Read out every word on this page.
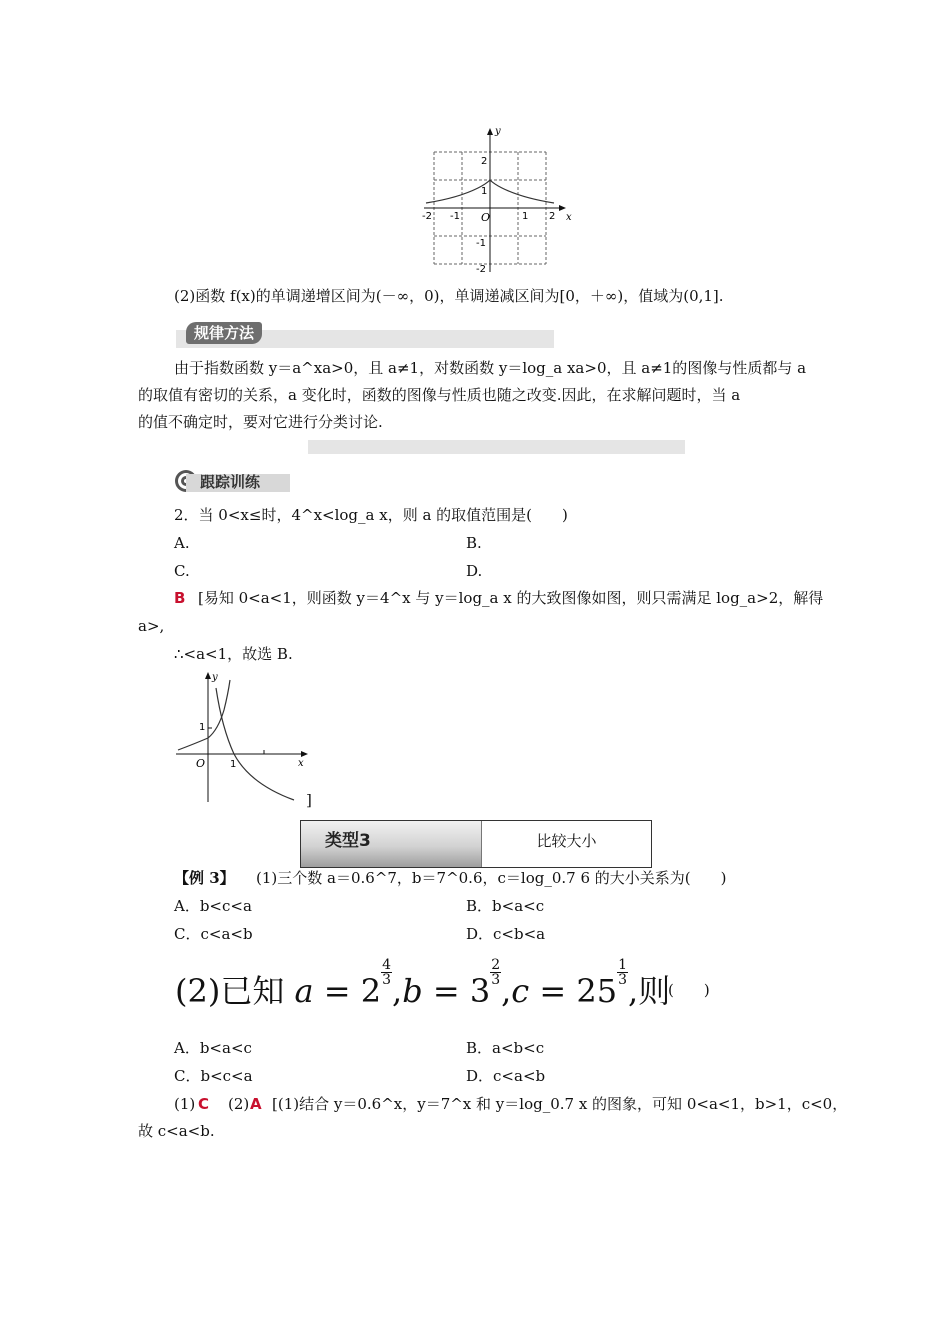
y
x
O
2
1
-1
-2
-2 -1	1 2
(2)函数 f(x)的单调递增区间为(－∞，0)，单调递减区间为[0，＋∞)，值域为(0,1].
规律方法
由于指数函数 y＝a^xa>0，且 a≠1，对数函数 y＝log_a xa>0，且 a≠1的图像与性质都与 a
的取值有密切的关系，a 变化时，函数的图像与性质也随之改变.因此，在求解问题时，当 a
的值不确定时，要对它进行分类讨论.
跟踪训练
2．当 0<x≤时，4^x<log_a x，则 a 的取值范围是(　　)
A.	B.
C.	D.
B [易知 0<a<1，则函数 y＝4^x 与 y＝log_a x 的大致图像如图，则只需满足 log_a>2，解得
a>,
∴<a<1，故选 B.
y
x
O
1
1
]
类型3	比较大小
【例 3】 (1)三个数 a＝0.6^7，b＝7^0.6，c＝log_0.7 6 的大小关系为(　　)
A．b<c<a	B．b<a<c
C．c<a<b	D．c<b<a
(2)已知 $a = 2 \frac{4}{3} ,b = 3 \frac{2}{3} ,c = 25 \frac{1}{3}$ ,则
(　　)
A．b<a<c	B．a<b<c
C．b<c<a	D．c<a<b
(1) C (2) A [(1)结合 y＝0.6^x，y＝7^x 和 y＝log_0.7 x 的图象，可知 0<a<1，b>1，c<0，
故 c<a<b.
